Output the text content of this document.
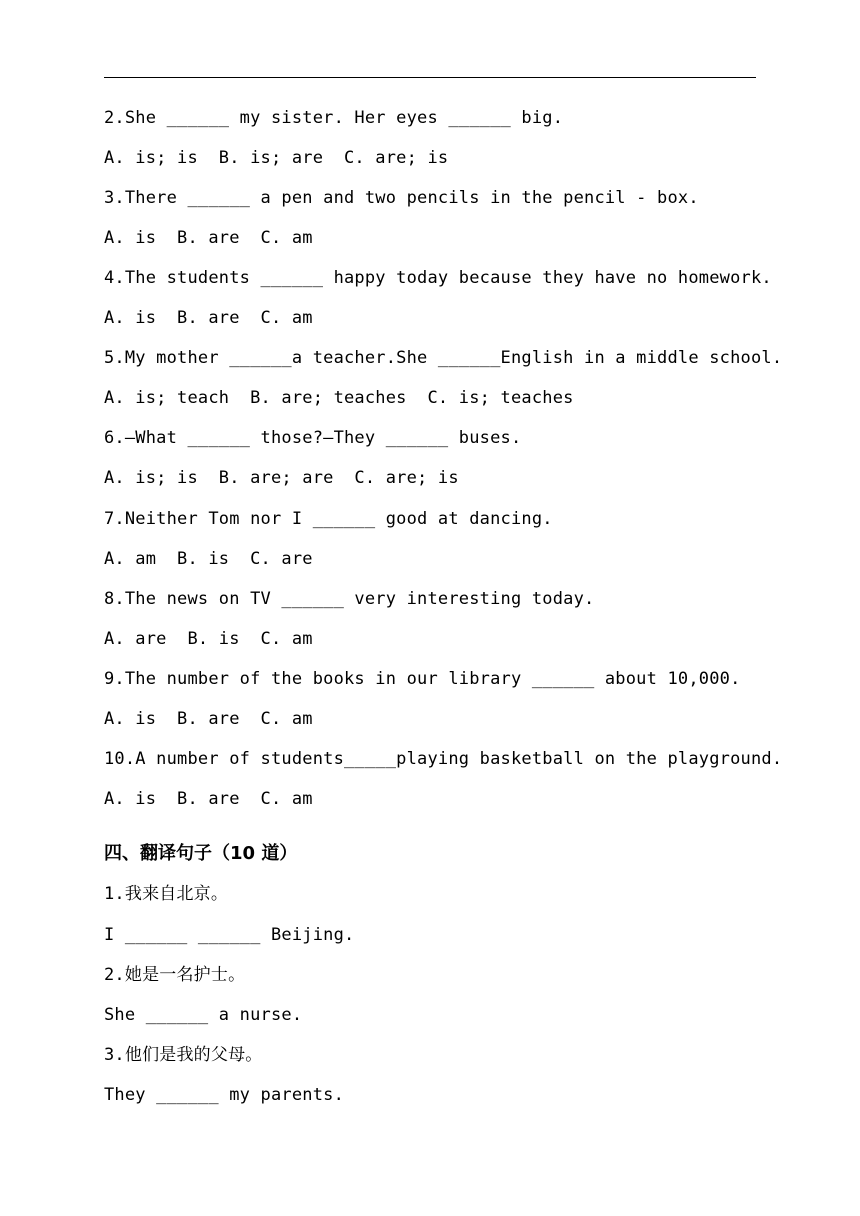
2.She ______ my sister. Her eyes ______ big.
A. is; is  B. is; are  C. are; is
3.There ______ a pen and two pencils in the pencil - box.
A. is  B. are  C. am
4.The students ______ happy today because they have no homework.
A. is  B. are  C. am
5.My mother ______a teacher.She ______English in a middle school.
A. is; teach  B. are; teaches  C. is; teaches
6.—What ______ those?—They ______ buses.
A. is; is  B. are; are  C. are; is
7.Neither Tom nor I ______ good at dancing.
A. am  B. is  C. are
8.The news on TV ______ very interesting today.
A. are  B. is  C. am
9.The number of the books in our library ______ about 10,000.
A. is  B. are  C. am
10.A number of students_____playing basketball on the playground.
A. is  B. are  C. am
四、翻译句子（10 道）
1.我来自北京。
I ______ ______ Beijing.
2.她是一名护士。
She ______ a nurse.
3.他们是我的父母。
They ______ my parents.
